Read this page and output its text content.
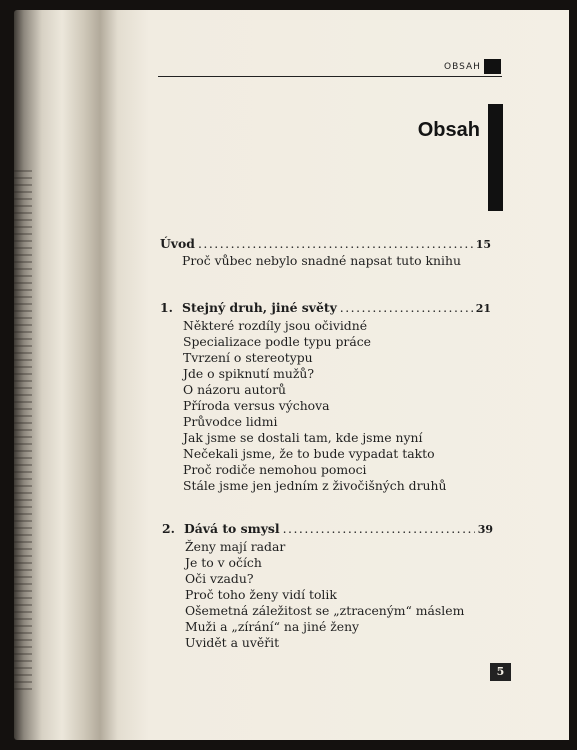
OBSAH
Obsah
Úvod .....	15
Proč vůbec nebylo snadné napsat tuto knihu
1. Stejný druh, jiné světy .....	21
Některé rozdíly jsou očividné
Specializace podle typu práce
Tvrzení o stereotypu
Jde o spiknutí mužů?
O názoru autorů
Příroda versus výchova
Průvodce lidmi
Jak jsme se dostali tam, kde jsme nyní
Nečekali jsme, že to bude vypadat takto
Proč rodiče nemohou pomoci
Stále jsme jen jedním z živočišných druhů
2. Dává to smysl .....	39
Ženy mají radar
Je to v očích
Oči vzadu?
Proč toho ženy vidí tolik
Ošemetná záležitost se „ztraceným“ máslem
Muži a „zírání“ na jiné ženy
Uvidět a uvěřit
5
